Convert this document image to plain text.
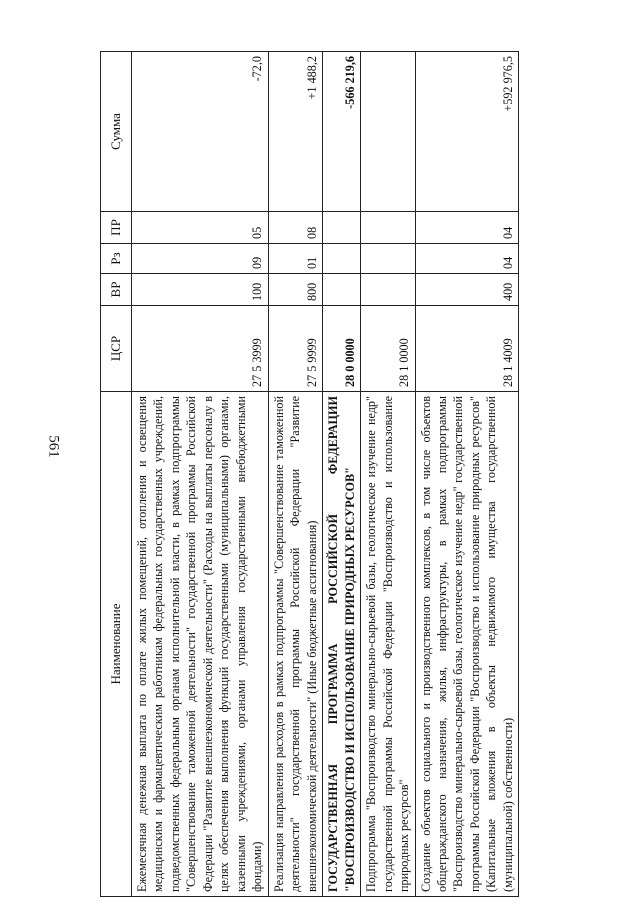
561
Наименование	ЦСР	ВР	Рз	ПР	Сумма
Ежемесячная денежная выплата по оплате жилых помещений, отопления и освещения медицинским и фармацевтическим работникам федеральных государственных учреждений, подведомственных федеральным органам исполнительной власти, в рамках подпрограммы "Совершенствование таможенной деятельности" государственной программы Российской Федерации "Развитие внешнеэкономической деятельности" (Расходы на выплаты персоналу в целях обеспечения выполнения функций государственными (муниципальными) органами, казенными учреждениями, органами управления государственными внебюджетными фондами)	27 5 3999	100	09	05	-72,0
Реализация направления расходов в рамках подпрограммы "Совершенствование таможенной деятельности" государственной программы Российской Федерации "Развитие внешнеэкономической деятельности" (Иные бюджетные ассигнования)	27 5 9999	800	01	08	+1 488,2
ГОСУДАРСТВЕННАЯ ПРОГРАММА РОССИЙСКОЙ ФЕДЕРАЦИИ "ВОСПРОИЗВОДСТВО И ИСПОЛЬЗОВАНИЕ ПРИРОДНЫХ РЕСУРСОВ"	28 0 0000				-566 219,6
Подпрограмма "Воспроизводство минерально-сырьевой базы, геологическое изучение недр" государственной программы Российской Федерации "Воспроизводство и использование природных ресурсов"	28 1 0000				
Создание объектов социального и производственного комплексов, в том числе объектов общегражданского назначения, жилья, инфраструктуры, в рамках подпрограммы "Воспроизводство минерально-сырьевой базы, геологическое изучение недр" государственной программы Российской Федерации "Воспроизводство и использование природных ресурсов" (Капитальные вложения в объекты недвижимого имущества государственной (муниципальной) собственности)	28 1 4009	400	04	04	+592 976,5
